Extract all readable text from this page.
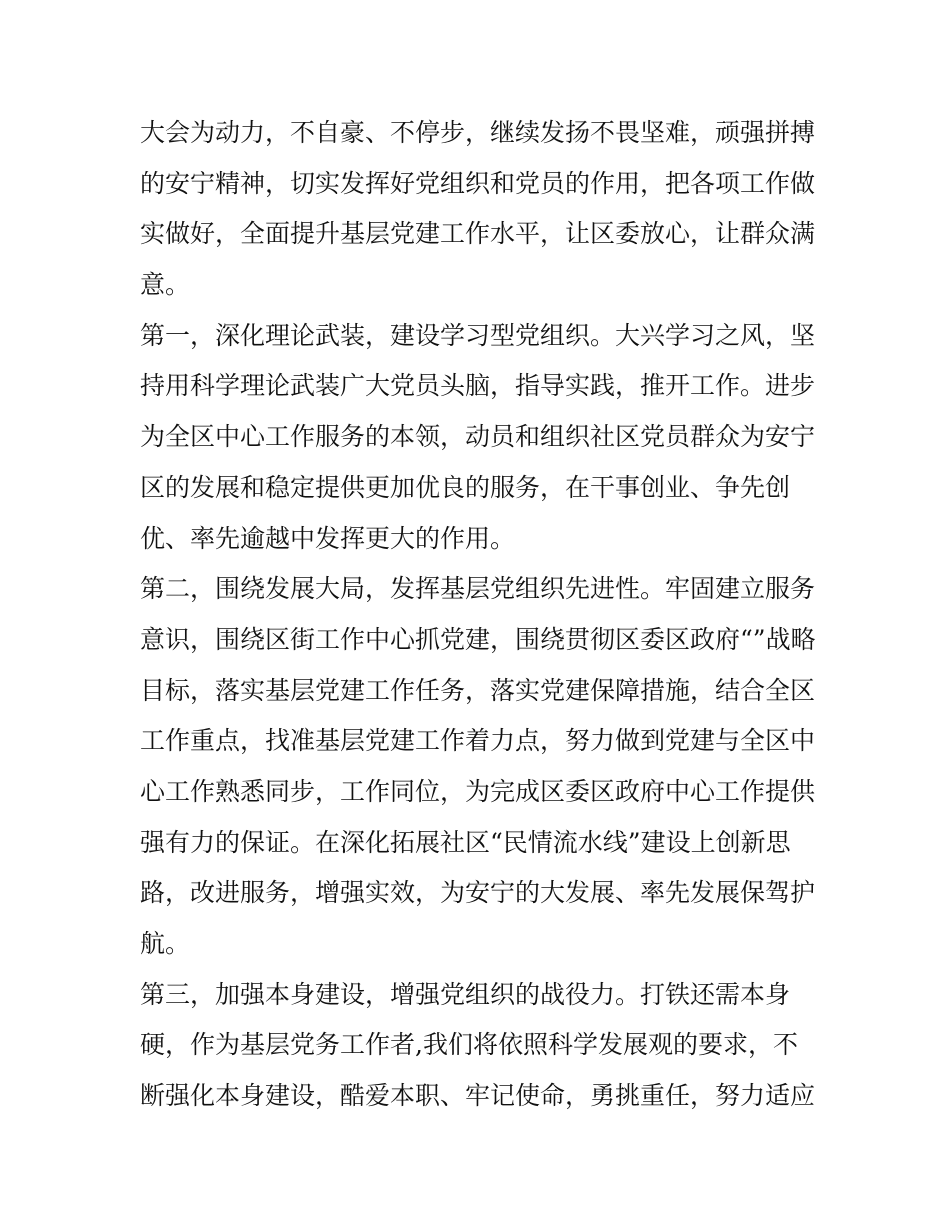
大会为动力，不自豪、不停步，继续发扬不畏坚难，顽强拼搏
的安宁精神，切实发挥好党组织和党员的作用，把各项工作做
实做好，全面提升基层党建工作水平，让区委放心，让群众满
意。
第一，深化理论武装，建设学习型党组织。大兴学习之风，坚
持用科学理论武装广大党员头脑，指导实践，推开工作。进步
为全区中心工作服务的本领，动员和组织社区党员群众为安宁
区的发展和稳定提供更加优良的服务，在干事创业、争先创
优、率先逾越中发挥更大的作用。
第二，围绕发展大局，发挥基层党组织先进性。牢固建立服务
意识，围绕区街工作中心抓党建，围绕贯彻区委区政府“”战略
目标，落实基层党建工作任务，落实党建保障措施，结合全区
工作重点，找准基层党建工作着力点，努力做到党建与全区中
心工作熟悉同步，工作同位，为完成区委区政府中心工作提供
强有力的保证。在深化拓展社区“民情流水线”建设上创新思
路，改进服务，增强实效，为安宁的大发展、率先发展保驾护
航。
第三，加强本身建设，增强党组织的战役力。打铁还需本身
硬，作为基层党务工作者,我们将依照科学发展观的要求，不
断强化本身建设，酷爱本职、牢记使命，勇挑重任，努力适应
